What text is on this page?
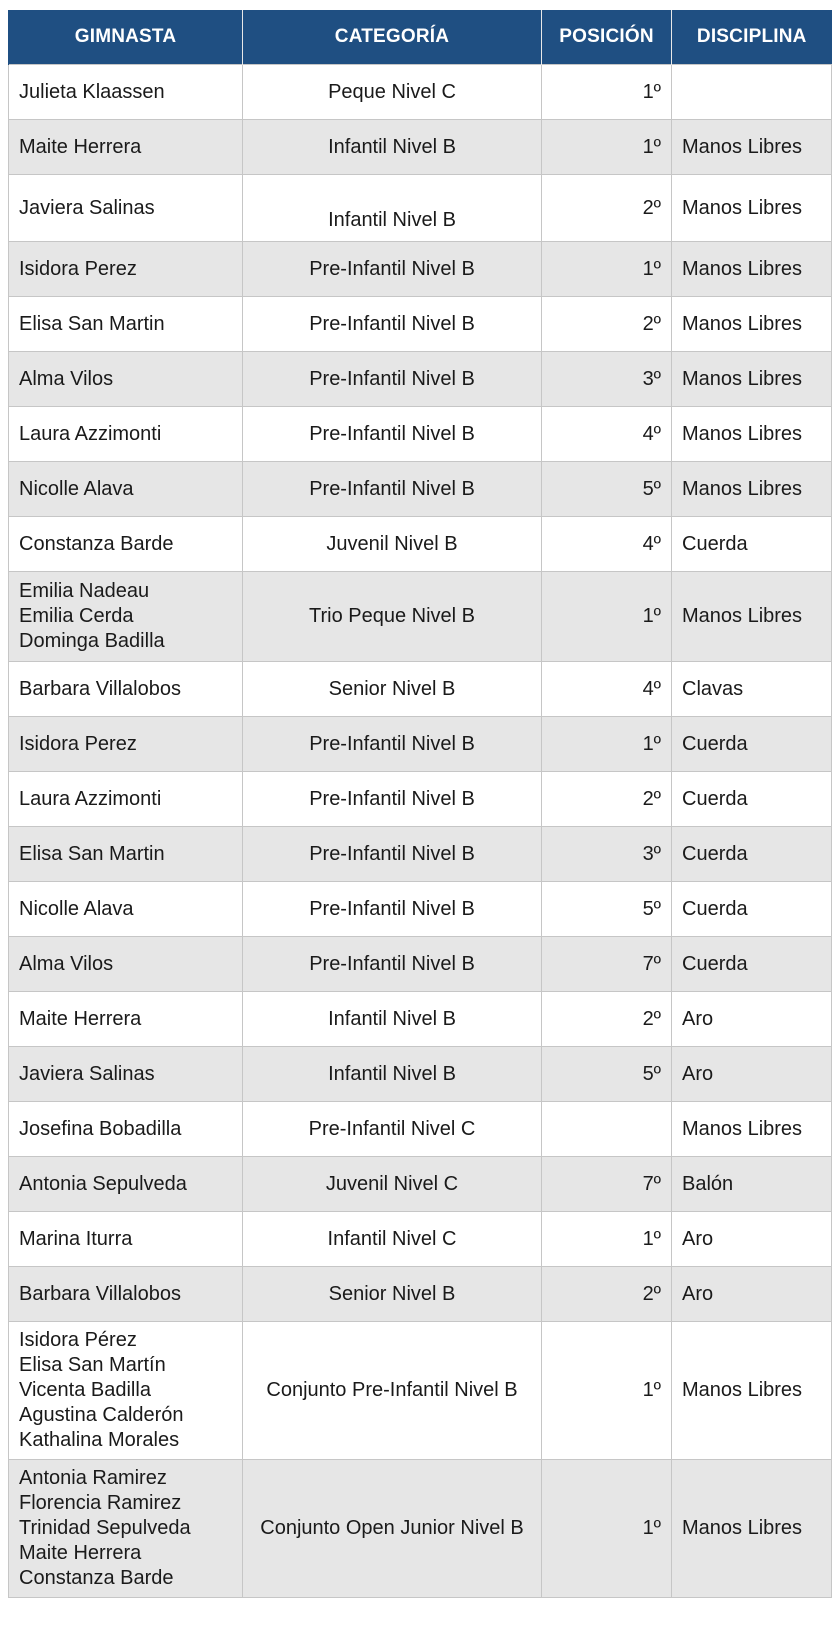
GIMNASTA	CATEGORÍA	POSICIÓN	DISCIPLINA

Julieta Klaassen	Peque Nivel C	1º	

Maite Herrera	Infantil Nivel B	1º	Manos Libres

Javiera Salinas	Infantil Nivel B	2º	Manos Libres

Isidora Perez	Pre-Infantil Nivel B	1º	Manos Libres

Elisa San Martin	Pre-Infantil Nivel B	2º	Manos Libres

Alma Vilos	Pre-Infantil Nivel B	3º	Manos Libres

Laura Azzimonti	Pre-Infantil Nivel B	4º	Manos Libres

Nicolle Alava	Pre-Infantil Nivel B	5º	Manos Libres

Constanza Barde	Juvenil Nivel B	4º	Cuerda

Emilia Nadeau
Emilia Cerda
Dominga Badilla	Trio Peque Nivel B	1º	Manos Libres

Barbara Villalobos	Senior Nivel B	4º	Clavas

Isidora Perez	Pre-Infantil Nivel B	1º	Cuerda

Laura Azzimonti	Pre-Infantil Nivel B	2º	Cuerda

Elisa San Martin	Pre-Infantil Nivel B	3º	Cuerda

Nicolle Alava	Pre-Infantil Nivel B	5º	Cuerda

Alma Vilos	Pre-Infantil Nivel B	7º	Cuerda

Maite Herrera	Infantil Nivel B	2º	Aro

Javiera Salinas	Infantil Nivel B	5º	Aro

Josefina Bobadilla	Pre-Infantil Nivel C		Manos Libres

Antonia Sepulveda	Juvenil Nivel C	7º	Balón

Marina Iturra	Infantil Nivel C	1º	Aro

Barbara Villalobos	Senior Nivel B	2º	Aro

Isidora Pérez
Elisa San Martín
Vicenta Badilla
Agustina Calderón
Kathalina Morales	Conjunto Pre-Infantil Nivel B	1º	Manos Libres

Antonia Ramirez
Florencia Ramirez
Trinidad Sepulveda
Maite Herrera
Constanza Barde	Conjunto Open Junior Nivel B	1º	Manos Libres
